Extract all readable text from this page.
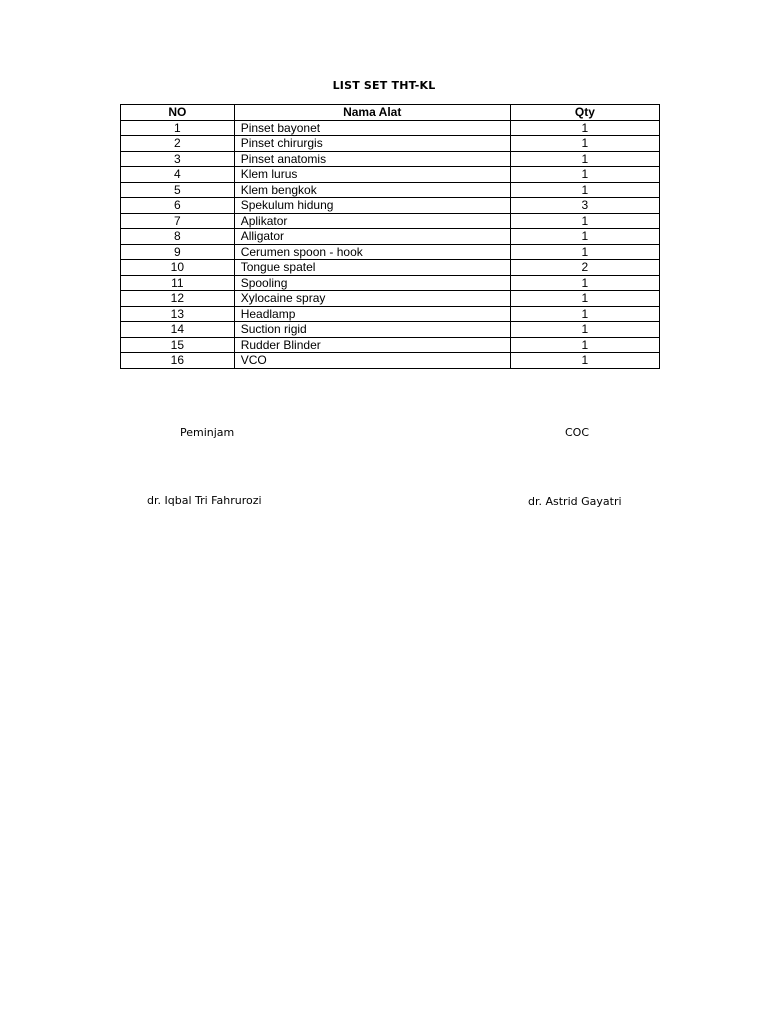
LIST SET THT-KL
NO	Nama Alat	Qty
1	Pinset bayonet	1
2	Pinset chirurgis	1
3	Pinset anatomis	1
4	Klem lurus	1
5	Klem bengkok	1
6	Spekulum hidung	3
7	Aplikator	1
8	Alligator	1
9	Cerumen spoon - hook	1
10	Tongue spatel	2
11	Spooling	1
12	Xylocaine spray	1
13	Headlamp	1
14	Suction rigid	1
15	Rudder Blinder	1
16	VCO	1
Peminjam	COC
dr. Iqbal Tri Fahrurozi	dr. Astrid Gayatri
